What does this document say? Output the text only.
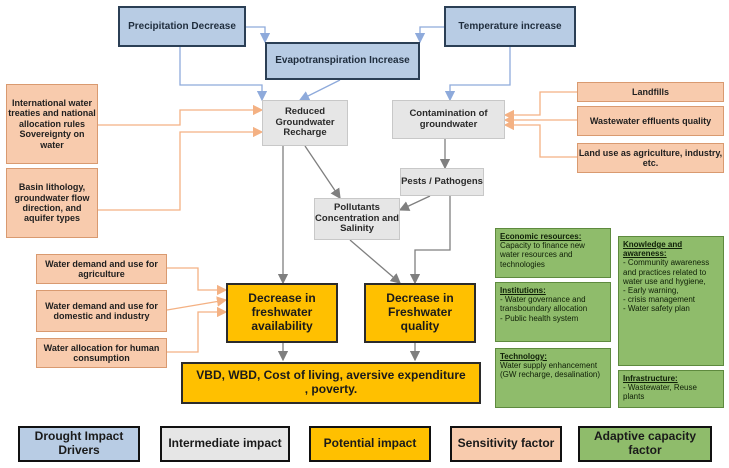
Precipitation Decrease
Evapotranspiration Increase
Temperature increase
Reduced Groundwater Recharge
Contamination of groundwater
Pests / Pathogens
Pollutants Concentration and Salinity
International water treaties and national allocation rules Sovereignty on water
Basin lithology, groundwater flow direction, and aquifer types
Landfills
Wastewater effluents quality
Land use as agriculture, industry, etc.
Water demand and use for agriculture
Water demand and use for domestic and industry
Water allocation for human consumption
Decrease in freshwater availability
Decrease in Freshwater quality
VBD, WBD, Cost of living, aversive expenditure , poverty.
Economic resources:
Capacity to finance new water resources and technologies
Institutions:
- Water governance and transboundary allocation
- Public health system
Technology:
Water supply enhancement (GW recharge, desalination)
Knowledge and awareness:
- Community awareness and practices related to water use and hygiene,
- Early warning,
- crisis management
- Water safety plan
Infrastructure:
- Wastewater, Reuse plants
Drought Impact Drivers	Intermediate impact	Potential impact	Sensitivity factor	Adaptive capacity factor
